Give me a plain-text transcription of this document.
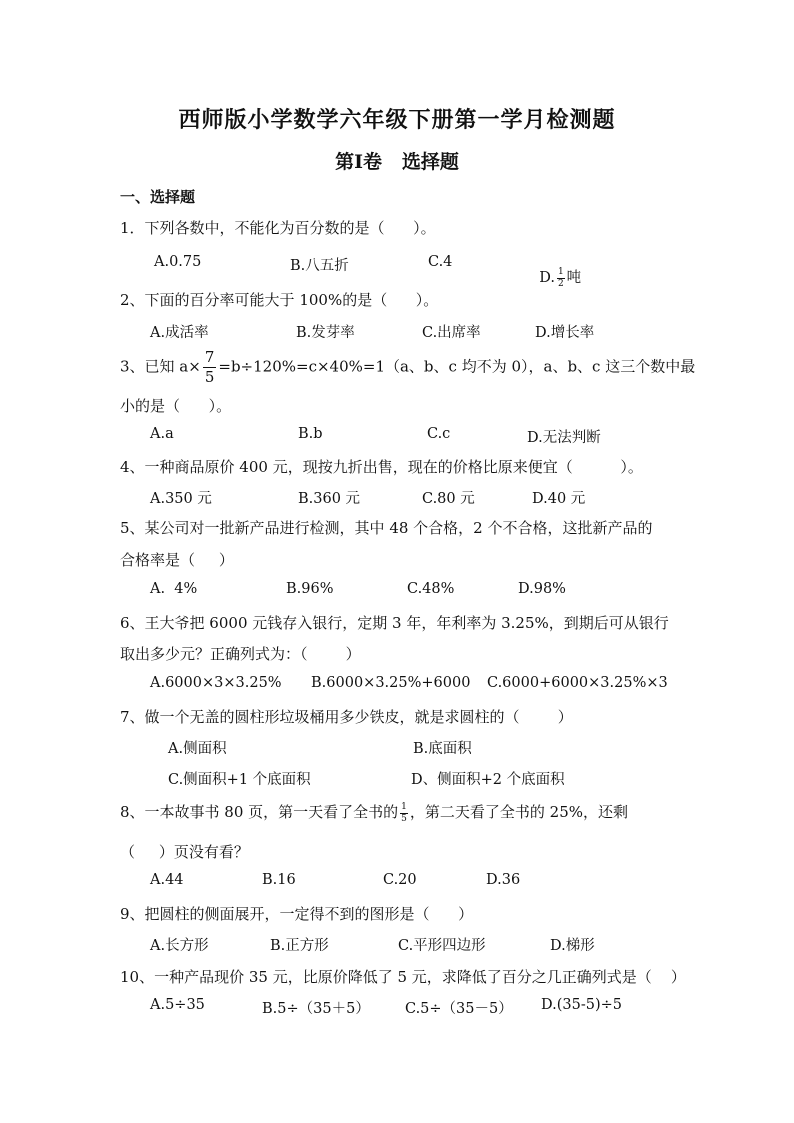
西师版小学数学六年级下册第一学月检测题
第Ⅰ卷   选择题
一、选择题
1．下列各数中，不能化为百分数的是（      ）。
A.0.75	B.八五折	C.4

D. $\frac{1}{2}$ 吨

2、下面的百分率可能大于 100%的是（      ）。
A.成活率	B.发芽率	C.出席率	D.增长率
3、已知 $a\times \frac{7}{5} =b\div 120\%=c\times 40\%=1(a$、b、c 均不为 0），a、b、c 这三个数中最
小的是（      ）。
A.a	B.b	C.c	D.无法判断
4、一种商品原价 400 元，现按九折出售，现在的价格比原来便宜（          ）。
A.350 元	B.360 元	C.80 元	D.40 元
5、某公司对一批新产品进行检测，其中 48 个合格，2 个不合格，这批新产品的
合格率是（     ）
A.  4%	B.96%	C.48%	D.98%
6、王大爷把 6000 元钱存入银行，定期 3 年，年利率为 3.25%，到期后可从银行
取出多少元？正确列式为：（        ）
A.6000×3×3.25% B.6000×3.25%+6000 C.6000+6000×3.25%×3
7、做一个无盖的圆柱形垃圾桶用多少铁皮，就是求圆柱的（        ）
A.侧面积	B.底面积
C.侧面积+1 个底面积	D、侧面积+2 个底面积
8、一本故事书 80 页，第一天看了全书的 $\frac{1}{5}$ ，第二天看了全书的 25%，还剩
（     ）页没有看？
A.44	B.16	C.20	D.36
9、把圆柱的侧面展开，一定得不到的图形是（      ）
A.长方形	B.正方形	C.平形四边形	D.梯形
10、一种产品现价 35 元，比原价降低了 5 元，求降低了百分之几正确列式是（    ）
A.5÷35	B.5÷（35＋5） C.5÷（35－5） D.(35-5)÷5
